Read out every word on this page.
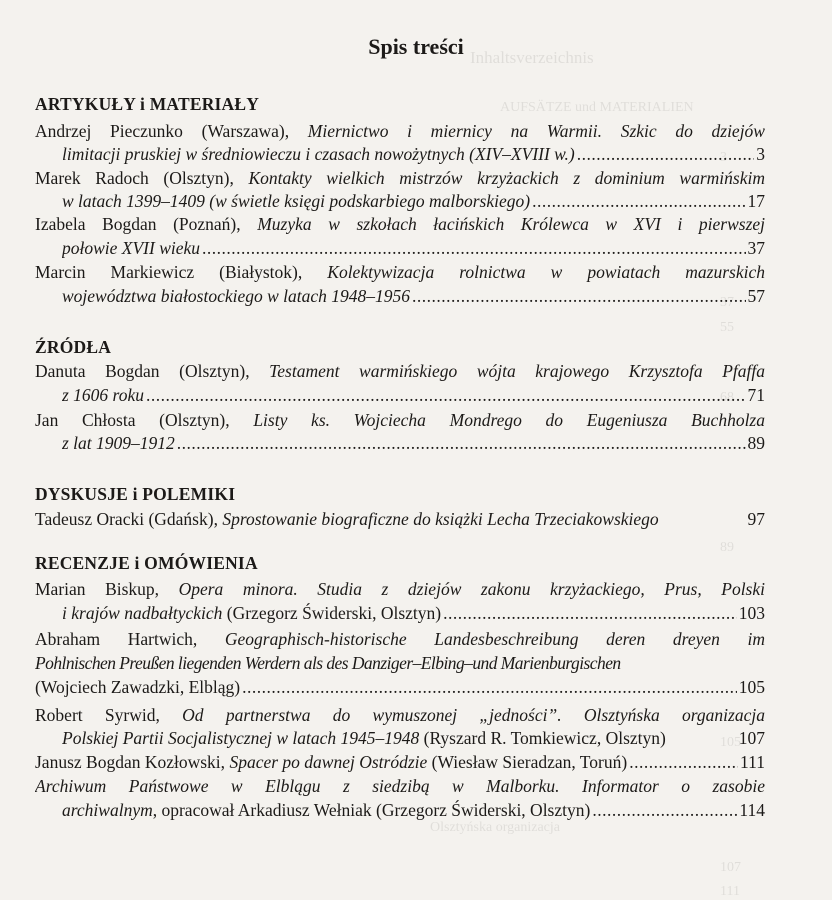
Inhaltsverzeichnis
AUFSÄTZE und MATERIALIEN
3
37
55
68
89
105
Olsztyńska organizacja
107
111
Spis treści
ARTYKUŁY i MATERIAŁY
Andrzej Pieczunko (Warszawa), Miernictwo i miernicy na Warmii. Szkic do dziejów
limitacji pruskiej w średniowieczu i czasach nowożytnych (XIV–XVIII w.) .....	3
Marek Radoch (Olsztyn), Kontakty wielkich mistrzów krzyżackich z dominium warmińskim
w latach 1399–1409 (w świetle księgi podskarbiego malborskiego) .....	17
Izabela Bogdan (Poznań), Muzyka w szkołach łacińskich Królewca w XVI i pierwszej
połowie XVII wieku .....	37
Marcin Markiewicz (Białystok), Kolektywizacja rolnictwa w powiatach mazurskich
województwa białostockiego w latach 1948–1956 .....	57
ŹRÓDŁA
Danuta Bogdan (Olsztyn), Testament warmińskiego wójta krajowego Krzysztofa Pfaffa
z 1606 roku .....	71
Jan Chłosta (Olsztyn), Listy ks. Wojciecha Mondrego do Eugeniusza Buchholza
z lat 1909–1912 .....	89
DYSKUSJE i POLEMIKI
Tadeusz Oracki (Gdańsk), Sprostowanie biograficzne do książki Lecha Trzeciakowskiego	97
RECENZJE i OMÓWIENIA
Marian Biskup, Opera minora. Studia z dziejów zakonu krzyżackiego, Prus, Polski
i krajów nadbałtyckich (Grzegorz Świderski, Olsztyn) .....	103
Abraham Hartwich, Geographisch-historische Landesbeschreibung deren dreyen im
Pohlnischen Preußen liegenden Werdern als des Danziger–Elbing–und Marienburgischen
(Wojciech Zawadzki, Elbląg) .....	105
Robert Syrwid, Od partnerstwa do wymuszonej „jedności”. Olsztyńska organizacja
Polskiej Partii Socjalistycznej w latach 1945–1948 (Ryszard R. Tomkiewicz, Olsztyn)	107
Janusz Bogdan Kozłowski, Spacer po dawnej Ostródzie (Wiesław Sieradzan, Toruń) .....	111
Archiwum Państwowe w Elblągu z siedzibą w Malborku. Informator o zasobie
archiwalnym, opracował Arkadiusz Wełniak (Grzegorz Świderski, Olsztyn) .....	114
